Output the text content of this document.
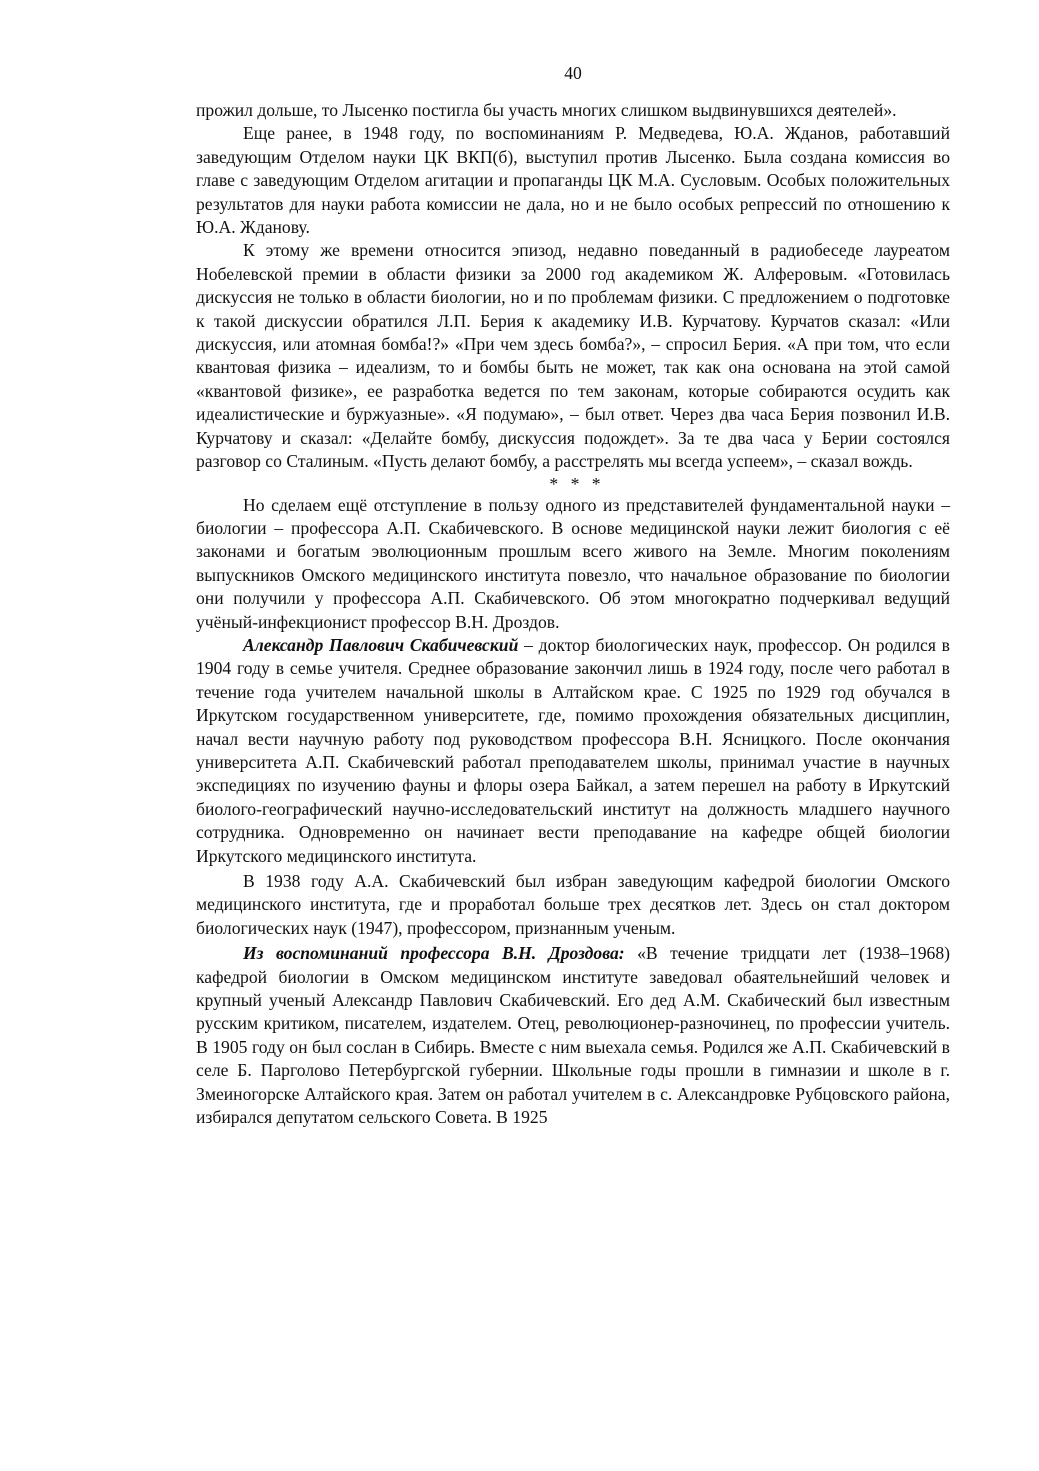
40

прожил дольше, то Лысенко постигла бы участь многих слишком выдвинувшихся деятелей».

Еще ранее, в 1948 году, по воспоминаниям Р. Медведева, Ю.А. Жданов, работавший заведующим Отделом науки ЦК ВКП(б), выступил против Лысенко. Была создана комиссия во главе с заведующим Отделом агитации и пропаганды ЦК М.А. Сусловым. Особых положительных результатов для науки работа комиссии не дала, но и не было особых репрессий по отношению к Ю.А. Жданову.

К этому же времени относится эпизод, недавно поведанный в радиобеседе лауреатом Нобелевской премии в области физики за 2000 год академиком Ж. Алферовым. «Готовилась дискуссия не только в области биологии, но и по проблемам физики. С предложением о подготовке к такой дискуссии обратился Л.П. Берия к академику И.В. Курчатову. Курчатов сказал: «Или дискуссия, или атомная бомба!?» «При чем здесь бомба?», – спросил Берия. «А при том, что если квантовая физика – идеализм, то и бомбы быть не может, так как она основана на этой самой «квантовой физике», ее разработка ведется по тем законам, которые собираются осудить как идеалистические и буржуазные». «Я подумаю», – был ответ. Через два часа Берия позвонил И.В. Курчатову и сказал: «Делайте бомбу, дискуссия подождет». За те два часа у Берии состоялся разговор со Сталиным. «Пусть делают бомбу, а расстрелять мы всегда успеем», – сказал вождь.

* * *

Но сделаем ещё отступление в пользу одного из представителей фундаментальной науки – биологии – профессора А.П. Скабичевского. В основе медицинской науки лежит биология с её законами и богатым эволюционным прошлым всего живого на Земле. Многим поколениям выпускников Омского медицинского института повезло, что начальное образование по биологии они получили у профессора А.П. Скабичевского. Об этом многократно подчеркивал ведущий учёный-инфекционист профессор В.Н. Дроздов.

Александр Павлович Скабичевский – доктор биологических наук, профессор. Он родился в 1904 году в семье учителя. Среднее образование закончил лишь в 1924 году, после чего работал в течение года учителем начальной школы в Алтайском крае. С 1925 по 1929 год обучался в Иркутском государственном университете, где, помимо прохождения обязательных дисциплин, начал вести научную работу под руководством профессора В.Н. Ясницкого. После окончания университета А.П. Скабичевский работал преподавателем школы, принимал участие в научных экспедициях по изучению фауны и флоры озера Байкал, а затем перешел на работу в Иркутский биолого-географический научно-исследовательский институт на должность младшего научного сотрудника. Одновременно он начинает вести преподавание на кафедре общей биологии Иркутского медицинского института.

В 1938 году А.А. Скабичевский был избран заведующим кафедрой биологии Омского медицинского института, где и проработал больше трех десятков лет. Здесь он стал доктором биологических наук (1947), профессором, признанным ученым.

Из воспоминаний профессора В.Н. Дроздова: «В течение тридцати лет (1938–1968) кафедрой биологии в Омском медицинском институте заведовал обаятельнейший человек и крупный ученый Александр Павлович Скабичевский. Его дед А.М. Скабический был известным русским критиком, писателем, издателем. Отец, революционер-разночинец, по профессии учитель. В 1905 году он был сослан в Сибирь. Вместе с ним выехала семья. Родился же А.П. Скабичевский в селе Б. Парголово Петербургской губернии. Школьные годы прошли в гимназии и школе в г. Змеиногорске Алтайского края. Затем он работал учителем в с. Александровке Рубцовского района, избирался депутатом сельского Совета. В 1925
